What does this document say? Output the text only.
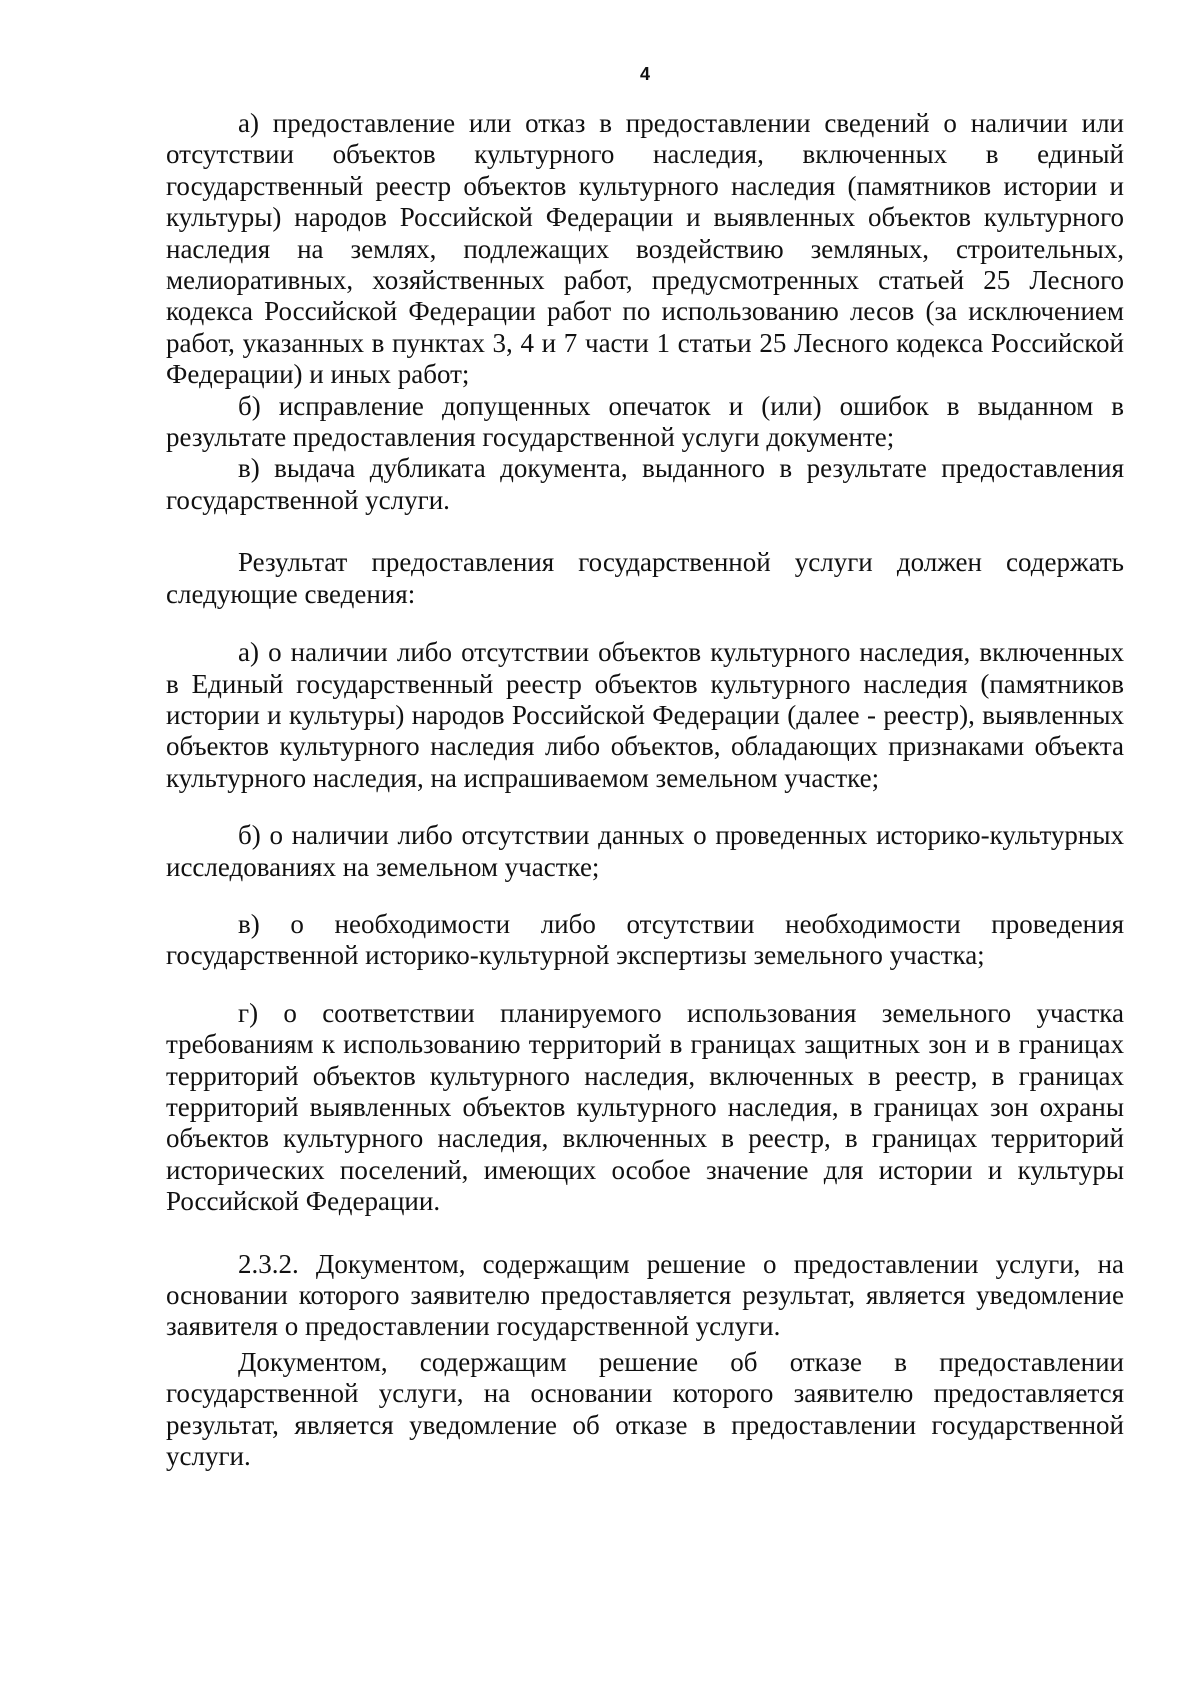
4

а) предоставление или отказ в предоставлении сведений о наличии или отсутствии объектов культурного наследия, включенных в единый государственный реестр объектов культурного наследия (памятников истории и культуры) народов Российской Федерации и выявленных объектов культурного наследия на землях, подлежащих воздействию земляных, строительных, мелиоративных, хозяйственных работ, предусмотренных статьей 25 Лесного кодекса Российской Федерации работ по использованию лесов (за исключением работ, указанных в пунктах 3, 4 и 7 части 1 статьи 25 Лесного кодекса Российской Федерации) и иных работ;

б) исправление допущенных опечаток и (или) ошибок в выданном в результате предоставления государственной услуги документе;

в) выдача дубликата документа, выданного в результате предоставления государственной услуги.

Результат предоставления государственной услуги должен содержать следующие сведения:

а) о наличии либо отсутствии объектов культурного наследия, включенных в Единый государственный реестр объектов культурного наследия (памятников истории и культуры) народов Российской Федерации (далее - реестр), выявленных объектов культурного наследия либо объектов, обладающих признаками объекта культурного наследия, на испрашиваемом земельном участке;

б) о наличии либо отсутствии данных о проведенных историко-культурных исследованиях на земельном участке;

в) о необходимости либо отсутствии необходимости проведения государственной историко-культурной экспертизы земельного участка;

г) о соответствии планируемого использования земельного участка требованиям к использованию территорий в границах защитных зон и в границах территорий объектов культурного наследия, включенных в реестр, в границах территорий выявленных объектов культурного наследия, в границах зон охраны объектов культурного наследия, включенных в реестр, в границах территорий исторических поселений, имеющих особое значение для истории и культуры Российской Федерации.

2.3.2. Документом, содержащим решение о предоставлении услуги, на основании которого заявителю предоставляется результат, является уведомление заявителя о предоставлении государственной услуги.

Документом, содержащим решение об отказе в предоставлении государственной услуги, на основании которого заявителю предоставляется результат, является уведомление об отказе в предоставлении государственной услуги.
